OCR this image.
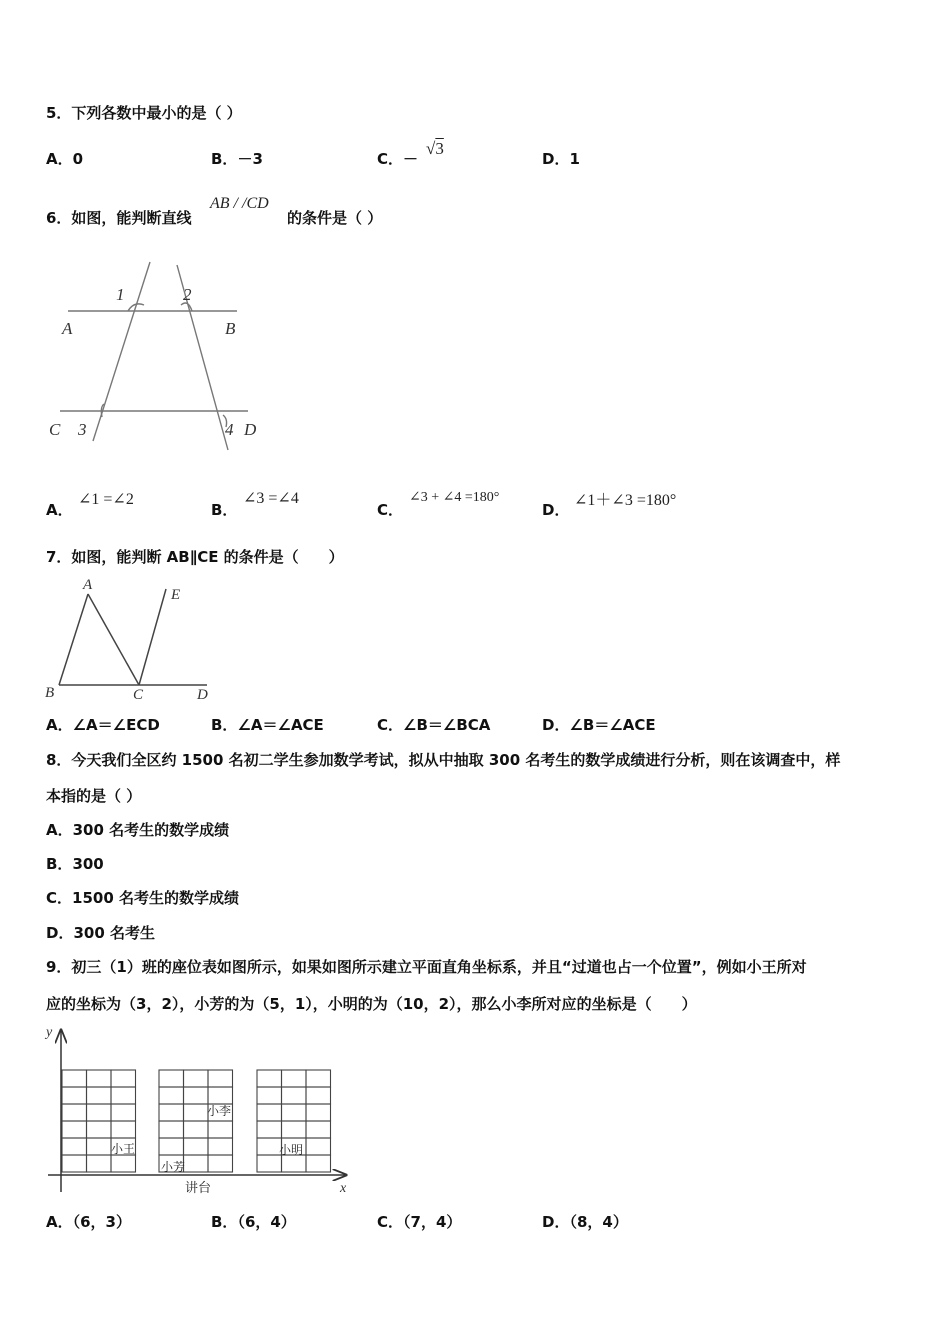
5．下列各数中最小的是（ ）
A．0	B．－3	C．－
√3
D．1
6．如图，能判断直线
AB / /CD
的条件是（ ）
A	B
C	D
1	2
3	4
A．
∠1 =∠2
B．
∠3 =∠4
C．
∠3 + ∠4 =180°
D．
∠1＋∠3 =180°
7．如图，能判断 AB∥CE 的条件是（　　）
A
B	C	D
E
A．∠A＝∠ECD	B．∠A＝∠ACE	C．∠B＝∠BCA	D．∠B＝∠ACE
8．今天我们全区约 1500 名初二学生参加数学考试，拟从中抽取 300 名考生的数学成绩进行分析，则在该调查中，样
本指的是（ ）
A．300 名考生的数学成绩
B．300
C．1500 名考生的数学成绩
D．300 名考生
9．初三（1）班的座位表如图所示，如果如图所示建立平面直角坐标系，并且“过道也占一个位置”，例如小王所对
应的坐标为（3，2），小芳的为（5，1），小明的为（10，2），那么小李所对应的坐标是（　　）
y
x
小王
小芳
小李
小明
讲台
A．（6，3）	B．（6，4）	C．（7，4）	D．（8，4）
